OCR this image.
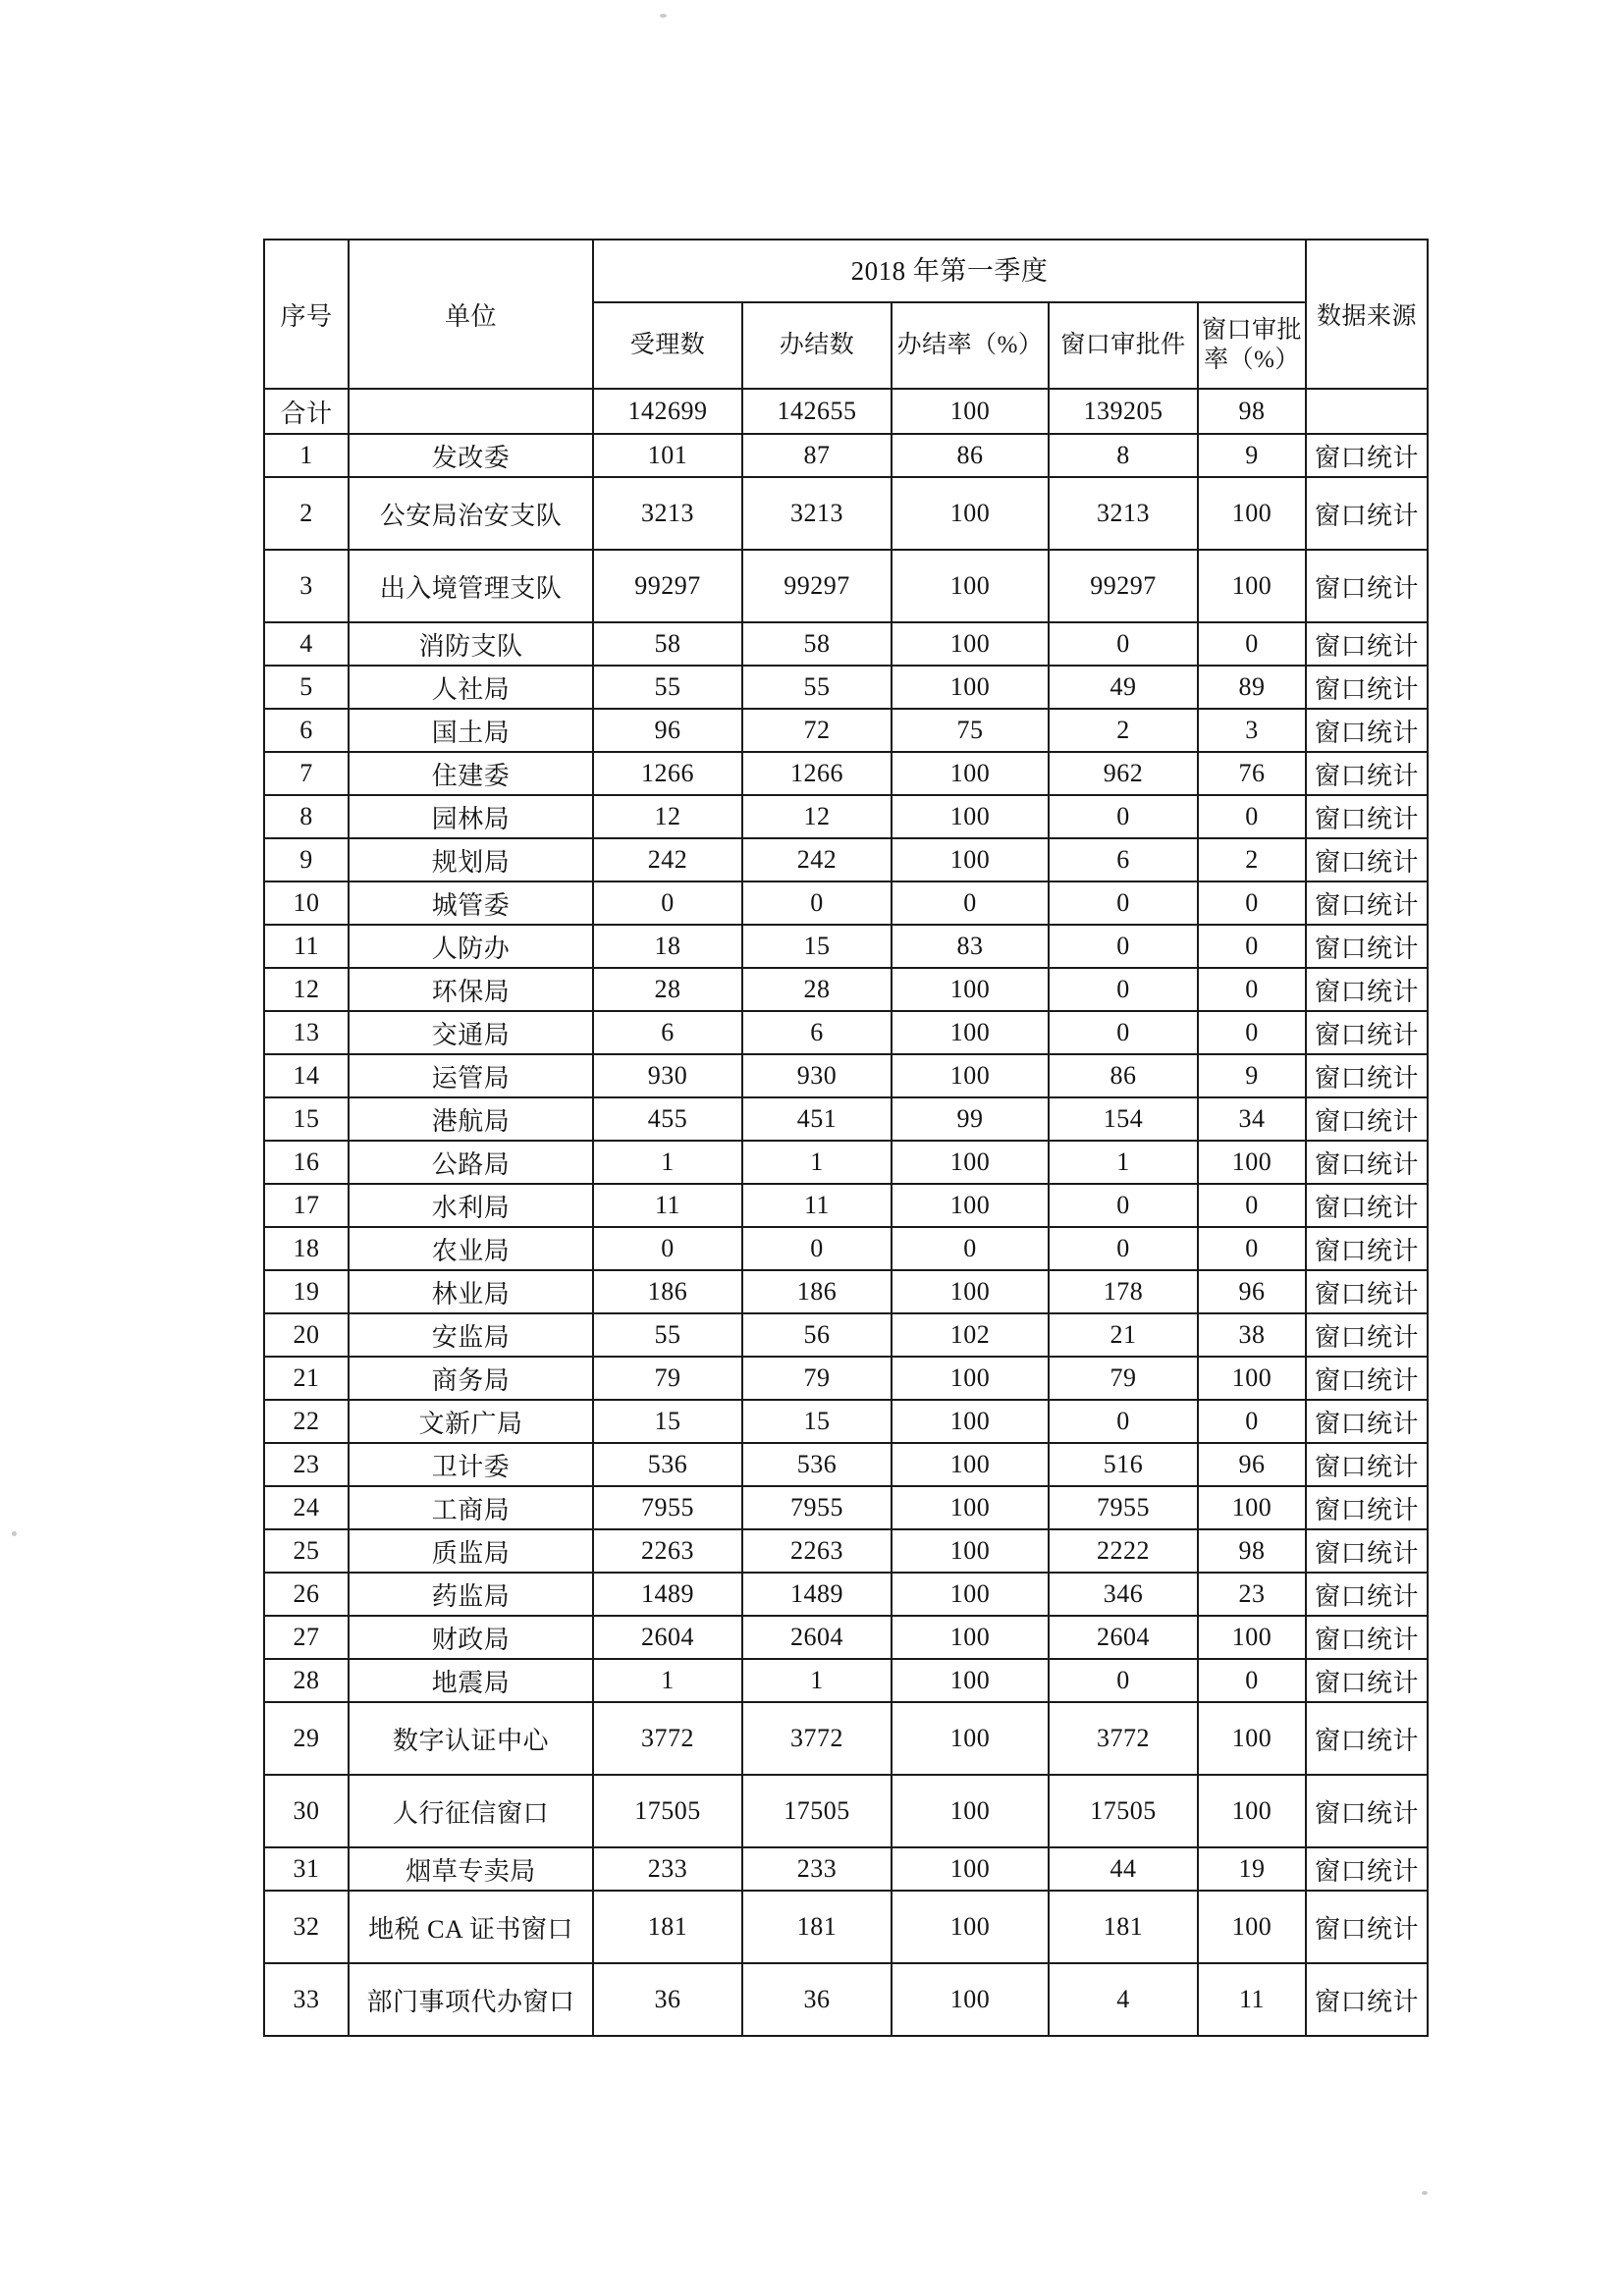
序号	单位	2018 年第一季度					数据来源
		受理数	办结数	办结率（%）	窗口审批件	窗口审批率（%）	
合计		142699	142655	100	139205	98	
1	发改委	101	87	86	8	9	窗口统计
2	公安局治安支队	3213	3213	100	3213	100	窗口统计
3	出入境管理支队	99297	99297	100	99297	100	窗口统计
4	消防支队	58	58	100	0	0	窗口统计
5	人社局	55	55	100	49	89	窗口统计
6	国土局	96	72	75	2	3	窗口统计
7	住建委	1266	1266	100	962	76	窗口统计
8	园林局	12	12	100	0	0	窗口统计
9	规划局	242	242	100	6	2	窗口统计
10	城管委	0	0	0	0	0	窗口统计
11	人防办	18	15	83	0	0	窗口统计
12	环保局	28	28	100	0	0	窗口统计
13	交通局	6	6	100	0	0	窗口统计
14	运管局	930	930	100	86	9	窗口统计
15	港航局	455	451	99	154	34	窗口统计
16	公路局	1	1	100	1	100	窗口统计
17	水利局	11	11	100	0	0	窗口统计
18	农业局	0	0	0	0	0	窗口统计
19	林业局	186	186	100	178	96	窗口统计
20	安监局	55	56	102	21	38	窗口统计
21	商务局	79	79	100	79	100	窗口统计
22	文新广局	15	15	100	0	0	窗口统计
23	卫计委	536	536	100	516	96	窗口统计
24	工商局	7955	7955	100	7955	100	窗口统计
25	质监局	2263	2263	100	2222	98	窗口统计
26	药监局	1489	1489	100	346	23	窗口统计
27	财政局	2604	2604	100	2604	100	窗口统计
28	地震局	1	1	100	0	0	窗口统计
29	数字认证中心	3772	3772	100	3772	100	窗口统计
30	人行征信窗口	17505	17505	100	17505	100	窗口统计
31	烟草专卖局	233	233	100	44	19	窗口统计
32	地税 CA 证书窗口	181	181	100	181	100	窗口统计
33	部门事项代办窗口	36	36	100	4	11	窗口统计
